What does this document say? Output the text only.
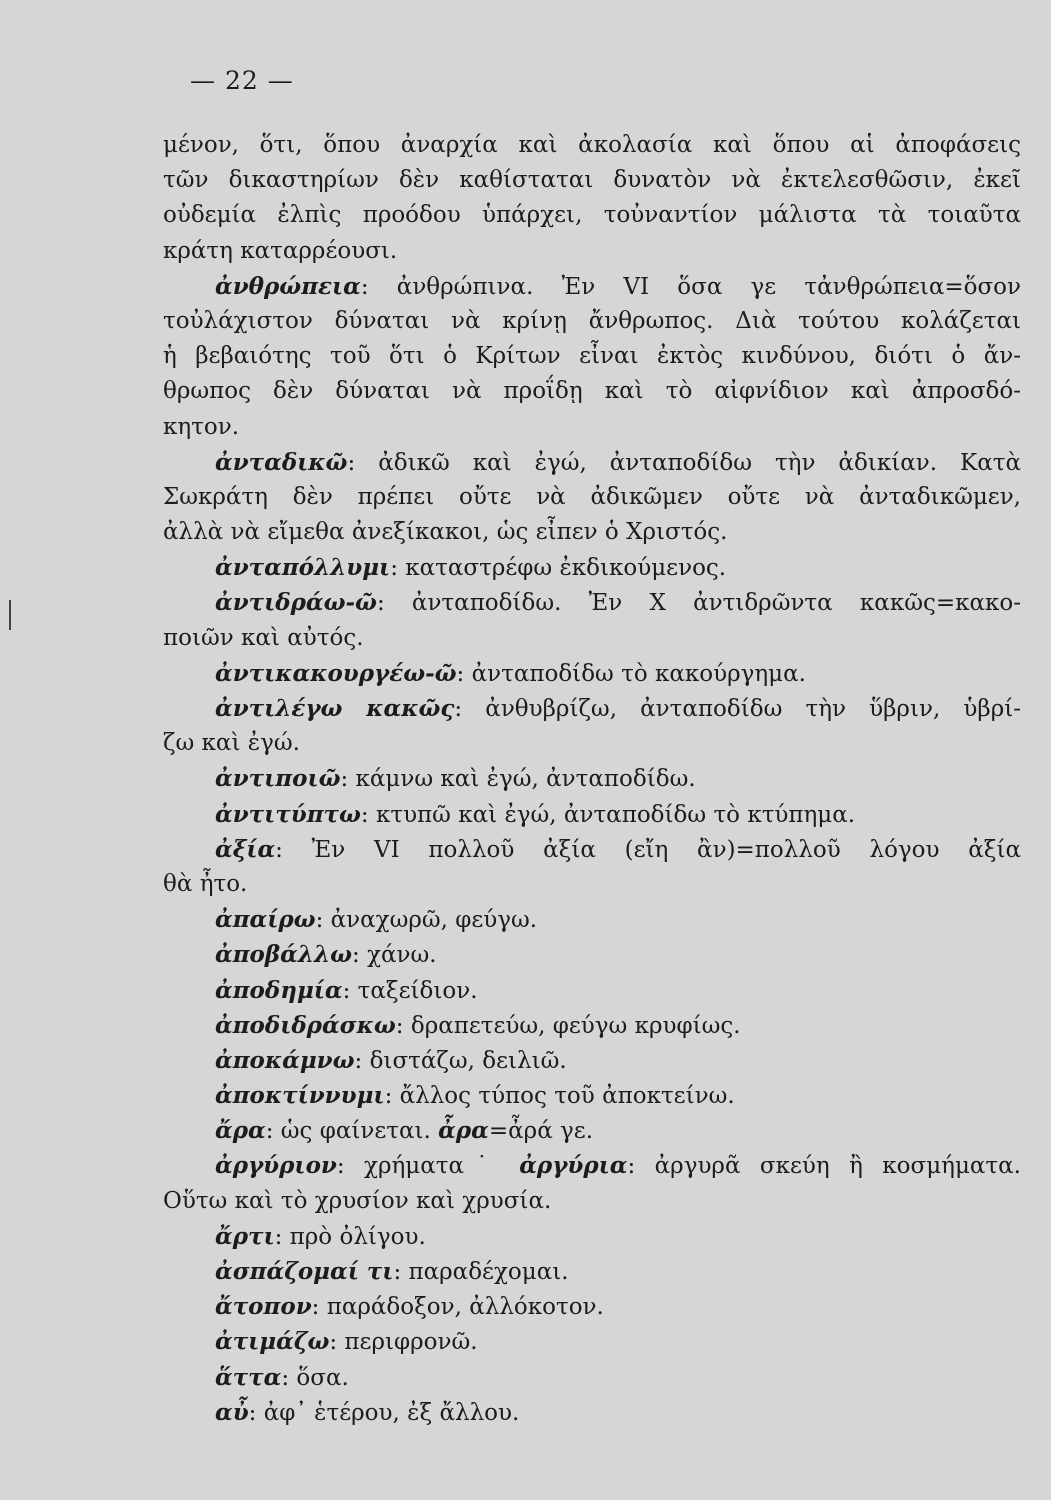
— 22 —
μένον, ὅτι, ὅπου ἀναρχία καὶ ἀκολασία καὶ ὅπου αἱ ἀποφάσεις
τῶν δικαστηρίων δὲν καθίσταται δυνατὸν νὰ ἐκτελεσθῶσιν, ἐκεῖ
οὐδεμία ἐλπὶς προόδου ὑπάρχει, τοὐναντίον μάλιστα τὰ τοιαῦτα
κράτη καταρρέουσι.
ἀνθρώπεια: ἀνθρώπινα. Ἐν VI ὅσα γε τἀνθρώπεια=ὅσον
τοὐλάχιστον δύναται νὰ κρίνῃ ἄνθρωπος. Διὰ τούτου κολάζεται
ἡ βεβαιότης τοῦ ὅτι ὁ Κρίτων εἶναι ἐκτὸς κινδύνου, διότι ὁ ἄν-
θρωπος δὲν δύναται νὰ προΐδῃ καὶ τὸ αἰφνίδιον καὶ ἀπροσδό-
κητον.
ἀνταδικῶ: ἀδικῶ καὶ ἐγώ, ἀνταποδίδω τὴν ἀδικίαν. Κατὰ
Σωκράτη δὲν πρέπει οὔτε νὰ ἀδικῶμεν οὔτε νὰ ἀνταδικῶμεν,
ἀλλὰ νὰ εἴμεθα ἀνεξίκακοι, ὡς εἶπεν ὁ Χριστός.
ἀνταπόλλυμι: καταστρέφω ἐκδικούμενος.
ἀντιδράω-ῶ: ἀνταποδίδω. Ἐν Χ ἀντιδρῶντα κακῶς=κακο-
ποιῶν καὶ αὐτός.
ἀντικακουργέω-ῶ: ἀνταποδίδω τὸ κακούργημα.
ἀντιλέγω κακῶς: ἀνθυβρίζω, ἀνταποδίδω τὴν ὕβριν, ὑβρί-
ζω καὶ ἐγώ.
ἀντιποιῶ: κάμνω καὶ ἐγώ, ἀνταποδίδω.
ἀντιτύπτω: κτυπῶ καὶ ἐγώ, ἀνταποδίδω τὸ κτύπημα.
ἀξία: Ἐν VI πολλοῦ ἀξία (εἴη ἂν)=πολλοῦ λόγου ἀξία
θὰ ἦτο.
ἀπαίρω: ἀναχωρῶ, φεύγω.
ἀποβάλλω: χάνω.
ἀποδημία: ταξείδιον.
ἀποδιδράσκω: δραπετεύω, φεύγω κρυφίως.
ἀποκάμνω: διστάζω, δειλιῶ.
ἀποκτίννυμι: ἄλλος τύπος τοῦ ἀποκτείνω.
ἄρα: ὡς φαίνεται. ἆρα=ἆρά γε.
ἀργύριον: χρήματα˙ ἀργύρια: ἀργυρᾶ σκεύη ἢ κοσμήματα.
Οὕτω καὶ τὸ χρυσίον καὶ χρυσία.
ἄρτι: πρὸ ὀλίγου.
ἀσπάζομαί τι: παραδέχομαι.
ἄτοπον: παράδοξον, ἀλλόκοτον.
ἀτιμάζω: περιφρονῶ.
ἅττα: ὅσα.
αὖ: ἀφ᾽ ἑτέρου, ἐξ ἄλλου.
